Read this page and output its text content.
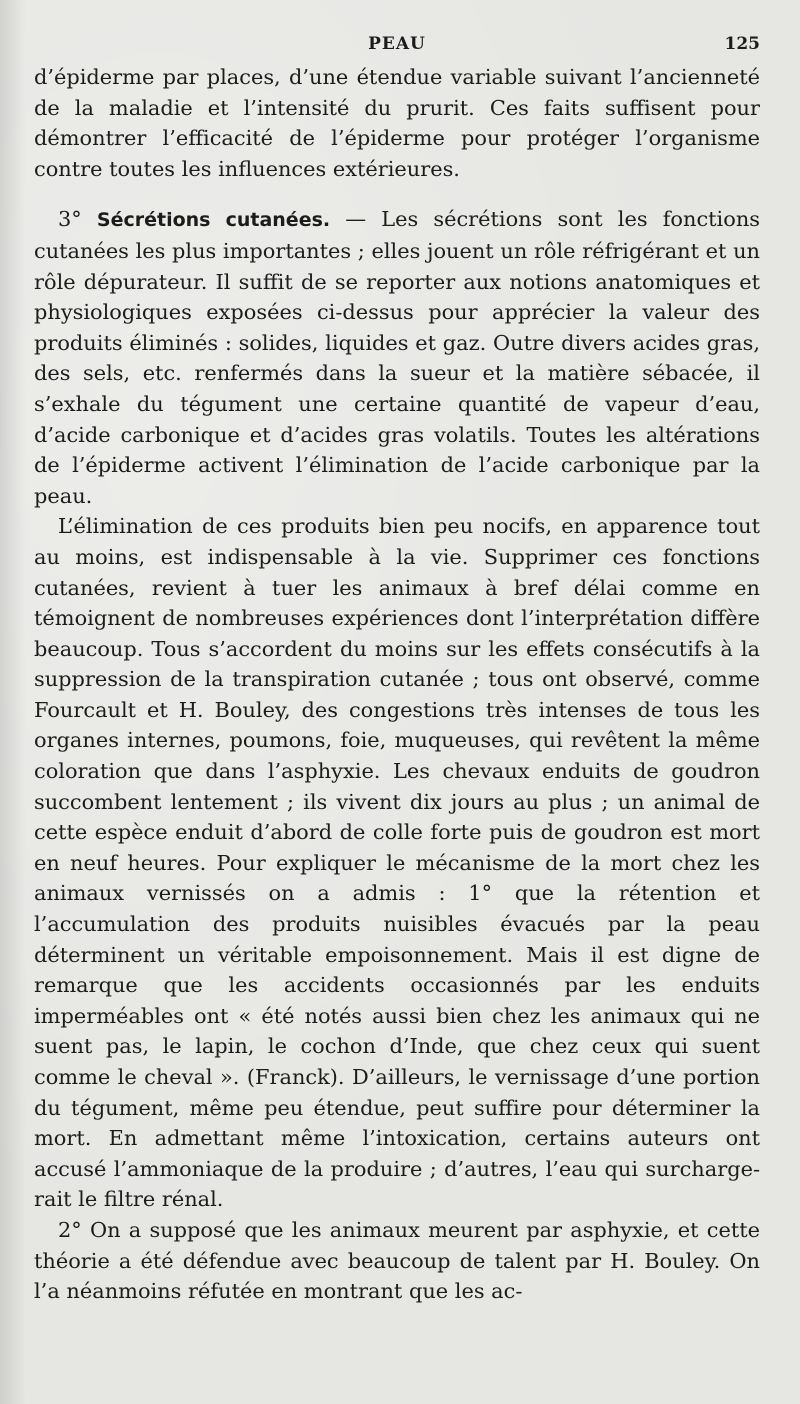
PEAU	125

d’épiderme par places, d’une étendue variable suivant l’ancienneté de la maladie et l’intensité du prurit. Ces faits suffisent pour démontrer l’efficacité de l’épiderme pour protéger l’organisme contre toutes les influences extérieures.

3° Sécrétions cutanées. — Les sécrétions sont les fonctions cutanées les plus importantes ; elles jouent un rôle réfrigérant et un rôle dépurateur. Il suffit de se reporter aux notions anatomiques et physiologiques exposées ci-dessus pour apprécier la valeur des produits éliminés : solides, liquides et gaz. Outre divers acides gras, des sels, etc. renfermés dans la sueur et la matière sébacée, il s’exhale du tégument une certaine quantité de vapeur d’eau, d’acide carbonique et d’acides gras volatils. Toutes les altérations de l’épiderme activent l’élimination de l’acide carbonique par la peau.

L’élimination de ces produits bien peu nocifs, en apparence tout au moins, est indispensable à la vie. Supprimer ces fonctions cutanées, revient à tuer les animaux à bref délai comme en témoignent de nombreuses expériences dont l’interprétation diffère beaucoup. Tous s’accordent du moins sur les effets consécutifs à la suppression de la transpiration cutanée ; tous ont observé, comme Fourcault et H. Bouley, des congestions très intenses de tous les organes internes, poumons, foie, muqueuses, qui revêtent la même coloration que dans l’asphyxie. Les chevaux enduits de goudron succombent lentement ; ils vivent dix jours au plus ; un animal de cette espèce enduit d’abord de colle forte puis de goudron est mort en neuf heures. Pour expliquer le mécanisme de la mort chez les animaux vernissés on a admis : 1° que la rétention et l’accumulation des produits nuisibles évacués par la peau déterminent un véritable empoisonnement. Mais il est digne de remarque que les accidents occasionnés par les enduits imperméables ont « été notés aussi bien chez les animaux qui ne suent pas, le lapin, le cochon d’Inde, que chez ceux qui suent comme le cheval ». (Franck). D’ailleurs, le vernissage d’une portion du tégument, même peu étendue, peut suffire pour déterminer la mort. En admettant même l’intoxication, certains auteurs ont accusé l’ammoniaque de la produire ; d’autres, l’eau qui surchargerait le filtre rénal.

2° On a supposé que les animaux meurent par asphyxie, et cette théorie a été défendue avec beaucoup de talent par H. Bouley. On l’a néanmoins réfutée en montrant que les ac-
